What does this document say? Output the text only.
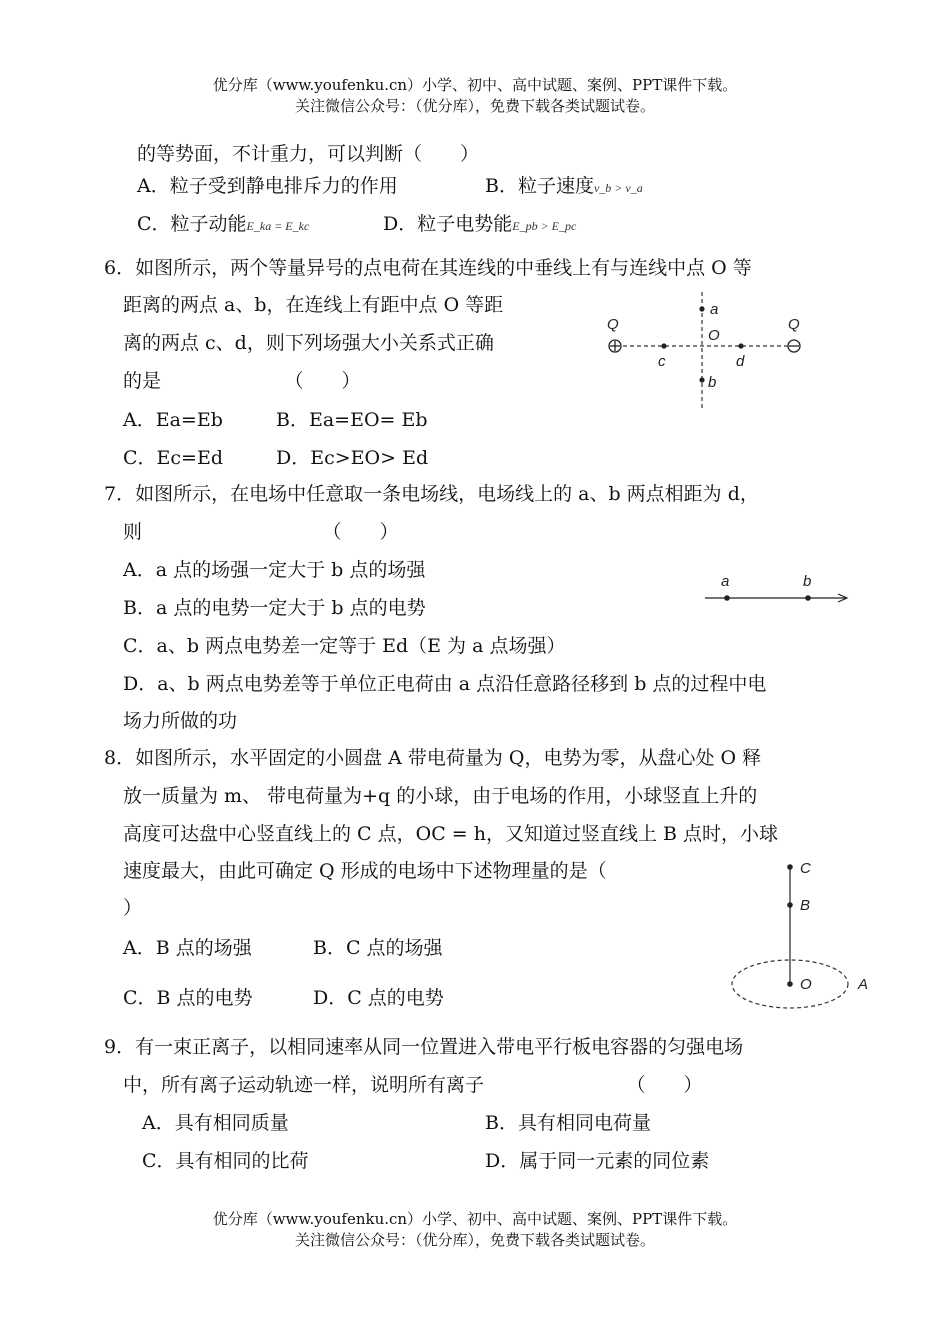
优分库（www.youfenku.cn）小学、初中、高中试题、案例、PPT课件下载。
关注微信公众号：（优分库），免费下载各类试题试卷。
的等势面，不计重力，可以判断（　　）
A．粒子受到静电排斥力的作用	B．粒子速度v_b > v_a
C．粒子动能E_ka = E_kc	D．粒子电势能E_pb > E_pc
6．如图所示，两个等量异号的点电荷在其连线的中垂线上有与连线中点 O 等
距离的两点 a、b，在连线上有距中点 O 等距
离的两点 c、d，则下列场强大小关系式正确
的是　　　　　　　（　　）
A．Ea=Eb	B．Ea=EO= Eb
C．Ec=Ed	D．Ec>EO> Ed
Q	Q
a
O
b
c	d
7．如图所示，在电场中任意取一条电场线，电场线上的 a、b 两点相距为 d，
则　　　　　　　　　　（　　）
A．a 点的场强一定大于 b 点的场强
B．a 点的电势一定大于 b 点的电势
C．a、b 两点电势差一定等于 Ed（E 为 a 点场强）
D．a、b 两点电势差等于单位正电荷由 a 点沿任意路径移到 b 点的过程中电
场力所做的功
a	b
8．如图所示，水平固定的小圆盘 A 带电荷量为 Q，电势为零，从盘心处 O 释
放一质量为 m、 带电荷量为+q 的小球，由于电场的作用，小球竖直上升的
高度可达盘中心竖直线上的 C 点，OC = h，又知道过竖直线上 B 点时，小球
速度最大，由此可确定 Q 形成的电场中下述物理量的是（
）
A．B 点的场强	B．C 点的场强
C．B 点的电势	D．C 点的电势
C
B
O	A
9．有一束正离子，以相同速率从同一位置进入带电平行板电容器的匀强电场
中，所有离子运动轨迹一样，说明所有离子　　　　　　　　（　　）
A．具有相同质量	B．具有相同电荷量
C．具有相同的比荷	D．属于同一元素的同位素
优分库（www.youfenku.cn）小学、初中、高中试题、案例、PPT课件下载。
关注微信公众号：（优分库），免费下载各类试题试卷。
